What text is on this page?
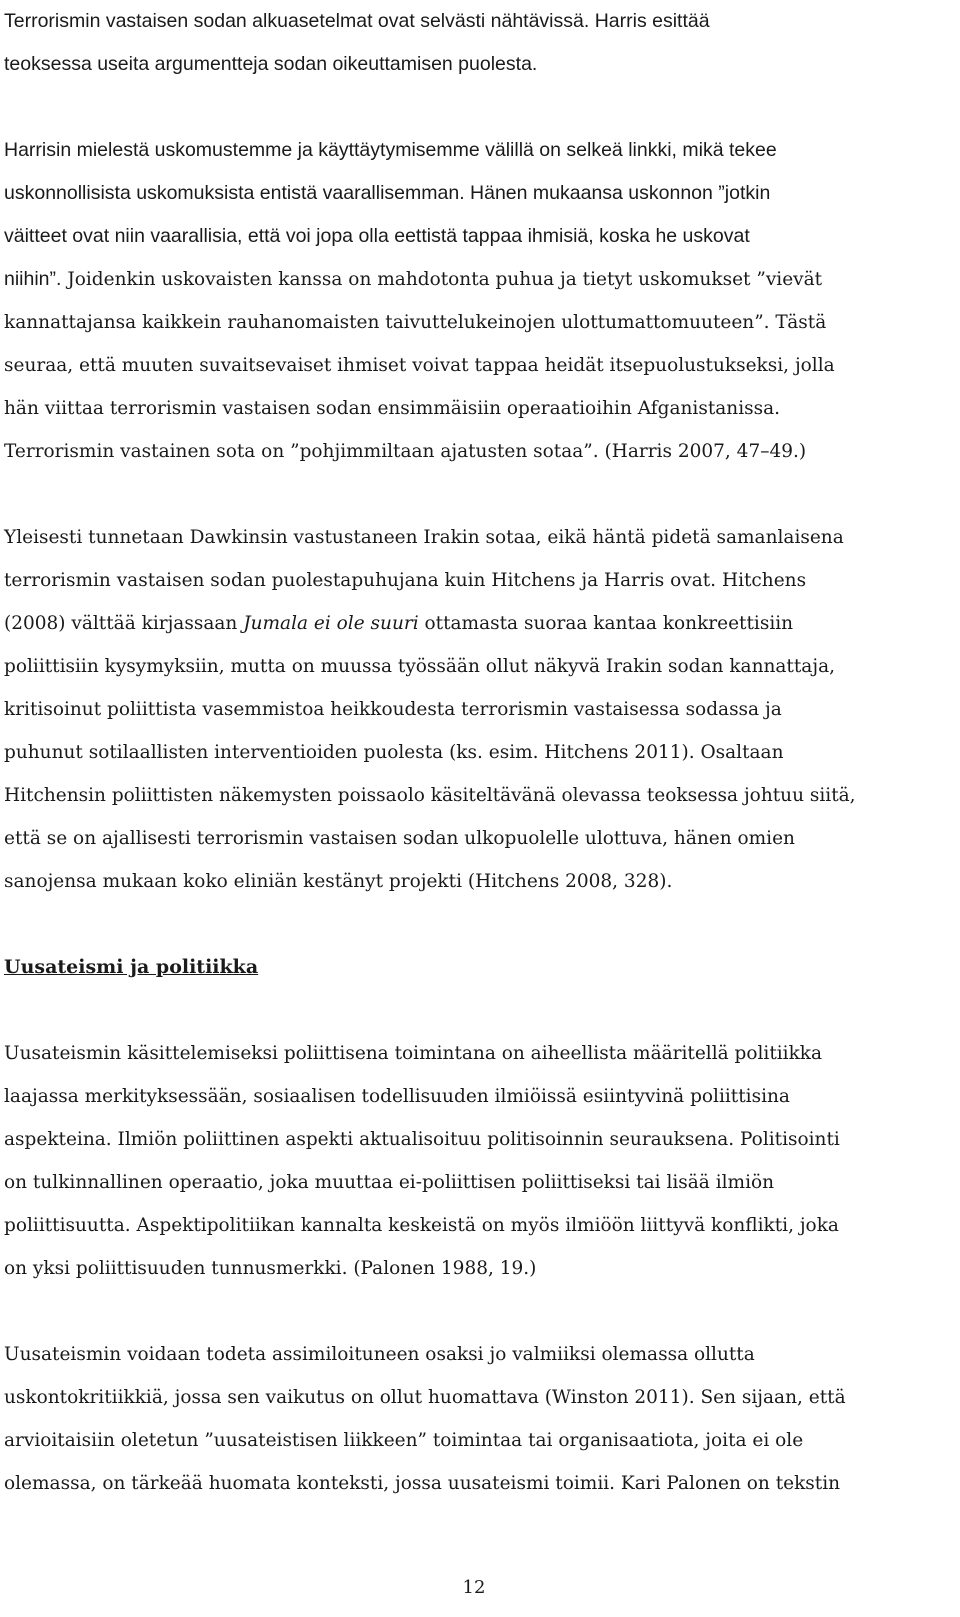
Terrorismin vastaisen sodan alkuasetelmat ovat selvästi nähtävissä. Harris esittää
teoksessa useita argumentteja sodan oikeuttamisen puolesta.

Harrisin mielestä uskomustemme ja käyttäytymisemme välillä on selkeä linkki, mikä tekee
uskonnollisista uskomuksista entistä vaarallisemman. Hänen mukaansa uskonnon ”jotkin
väitteet ovat niin vaarallisia, että voi jopa olla eettistä tappaa ihmisiä, koska he uskovat
niihin”. Joidenkin uskovaisten kanssa on mahdotonta puhua ja tietyt uskomukset ”vievät
kannattajansa kaikkein rauhanomaisten taivuttelukeinojen ulottumattomuuteen”. Tästä
seuraa, että muuten suvaitsevaiset ihmiset voivat tappaa heidät itsepuolustukseksi, jolla
hän viittaa terrorismin vastaisen sodan ensimmäisiin operaatioihin Afganistanissa.
Terrorismin vastainen sota on ”pohjimmiltaan ajatusten sotaa”. (Harris 2007, 47–49.)

Yleisesti tunnetaan Dawkinsin vastustaneen Irakin sotaa, eikä häntä pidetä samanlaisena
terrorismin vastaisen sodan puolestapuhujana kuin Hitchens ja Harris ovat. Hitchens
(2008) välttää kirjassaan Jumala ei ole suuri ottamasta suoraa kantaa konkreettisiin
poliittisiin kysymyksiin, mutta on muussa työssään ollut näkyvä Irakin sodan kannattaja,
kritisoinut poliittista vasemmistoa heikkoudesta terrorismin vastaisessa sodassa ja
puhunut sotilaallisten interventioiden puolesta (ks. esim. Hitchens 2011). Osaltaan
Hitchensin poliittisten näkemysten poissaolo käsiteltävänä olevassa teoksessa johtuu siitä,
että se on ajallisesti terrorismin vastaisen sodan ulkopuolelle ulottuva, hänen omien
sanojensa mukaan koko eliniän kestänyt projekti (Hitchens 2008, 328).

Uusateismi ja politiikka

Uusateismin käsittelemiseksi poliittisena toimintana on aiheellista määritellä politiikka
laajassa merkityksessään, sosiaalisen todellisuuden ilmiöissä esiintyvinä poliittisina
aspekteina. Ilmiön poliittinen aspekti aktualisoituu politisoinnin seurauksena. Politisointi
on tulkinnallinen operaatio, joka muuttaa ei-poliittisen poliittiseksi tai lisää ilmiön
poliittisuutta. Aspektipolitiikan kannalta keskeistä on myös ilmiöön liittyvä konflikti, joka
on yksi poliittisuuden tunnusmerkki. (Palonen 1988, 19.)

Uusateismin voidaan todeta assimiloituneen osaksi jo valmiiksi olemassa ollutta
uskontokritiikkiä, jossa sen vaikutus on ollut huomattava (Winston 2011). Sen sijaan, että
arvioitaisiin oletetun ”uusateistisen liikkeen” toimintaa tai organisaatiota, joita ei ole
olemassa, on tärkeää huomata konteksti, jossa uusateismi toimii. Kari Palonen on tekstin

12
